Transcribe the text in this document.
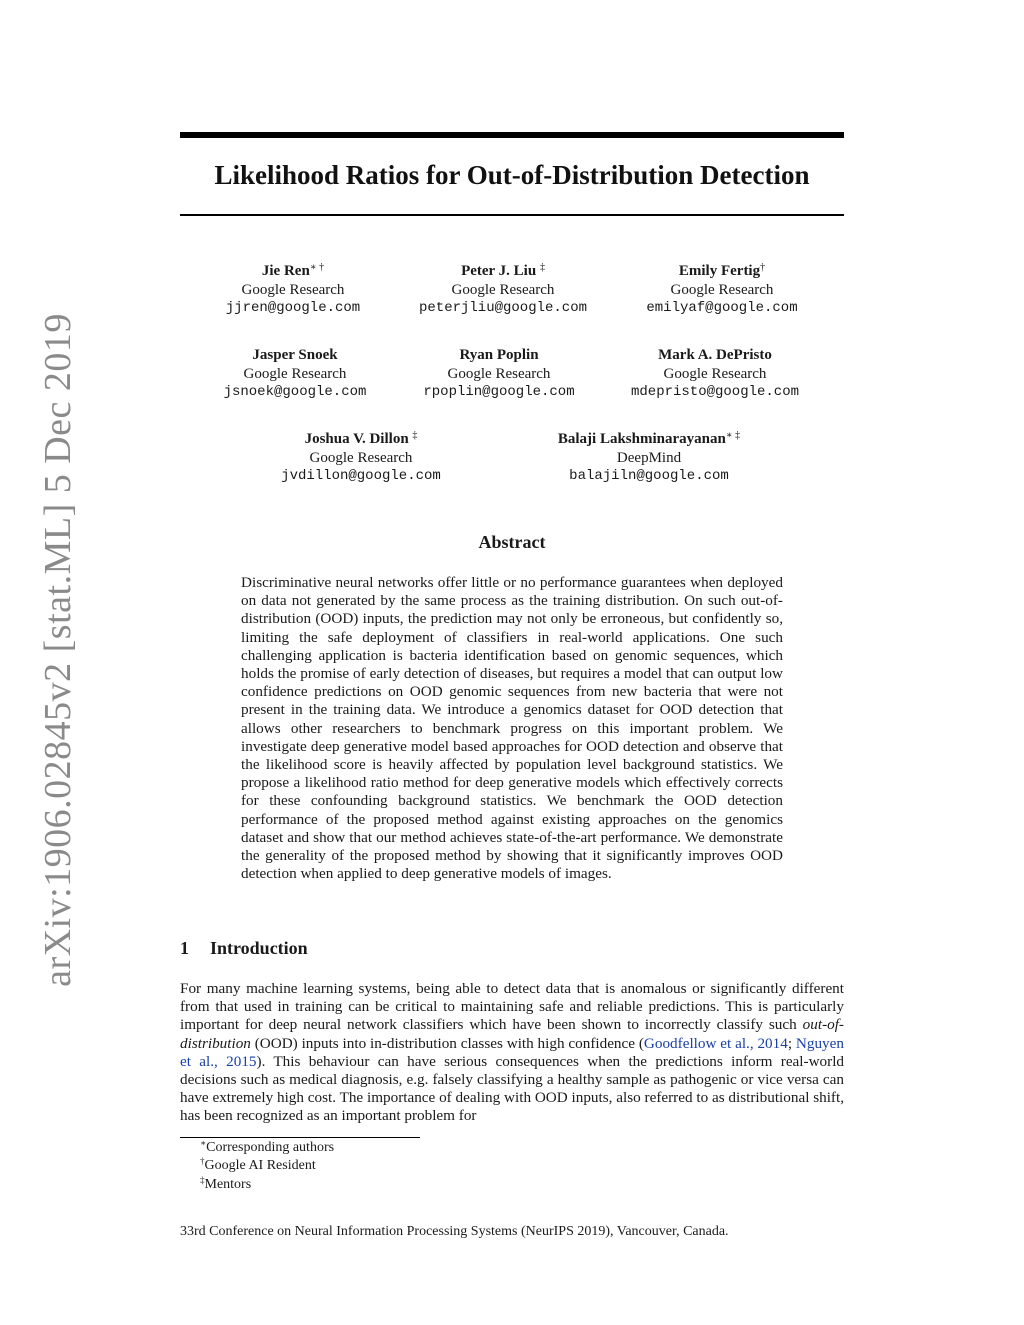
arXiv:1906.02845v2 [stat.ML] 5 Dec 2019
Likelihood Ratios for Out-of-Distribution Detection
Jie Ren∗ †
Google Research
jjren@google.com
Peter J. Liu ‡
Google Research
peterjliu@google.com
Emily Fertig†
Google Research
emilyaf@google.com
Jasper Snoek
Google Research
jsnoek@google.com
Ryan Poplin
Google Research
rpoplin@google.com
Mark A. DePristo
Google Research
mdepristo@google.com
Joshua V. Dillon ‡
Google Research
jvdillon@google.com
Balaji Lakshminarayanan∗ ‡
DeepMind
balajiln@google.com
Abstract
Discriminative neural networks offer little or no performance guarantees when deployed on data not generated by the same process as the training distribution. On such out-of-distribution (OOD) inputs, the prediction may not only be erroneous, but confidently so, limiting the safe deployment of classifiers in real-world applications. One such challenging application is bacteria identification based on genomic sequences, which holds the promise of early detection of diseases, but requires a model that can output low confidence predictions on OOD genomic sequences from new bacteria that were not present in the training data. We introduce a genomics dataset for OOD detection that allows other researchers to benchmark progress on this important problem. We investigate deep generative model based approaches for OOD detection and observe that the likelihood score is heavily affected by population level background statistics. We propose a likelihood ratio method for deep generative models which effectively corrects for these confounding background statistics. We benchmark the OOD detection performance of the proposed method against existing approaches on the genomics dataset and show that our method achieves state-of-the-art performance. We demonstrate the generality of the proposed method by showing that it significantly improves OOD detection when applied to deep generative models of images.
1 Introduction
For many machine learning systems, being able to detect data that is anomalous or significantly different from that used in training can be critical to maintaining safe and reliable predictions. This is particularly important for deep neural network classifiers which have been shown to incorrectly classify such out-of-distribution (OOD) inputs into in-distribution classes with high confidence (Goodfellow et al., 2014; Nguyen et al., 2015). This behaviour can have serious consequences when the predictions inform real-world decisions such as medical diagnosis, e.g. falsely classifying a healthy sample as pathogenic or vice versa can have extremely high cost. The importance of dealing with OOD inputs, also referred to as distributional shift, has been recognized as an important problem for
∗Corresponding authors
†Google AI Resident
‡Mentors
33rd Conference on Neural Information Processing Systems (NeurIPS 2019), Vancouver, Canada.
